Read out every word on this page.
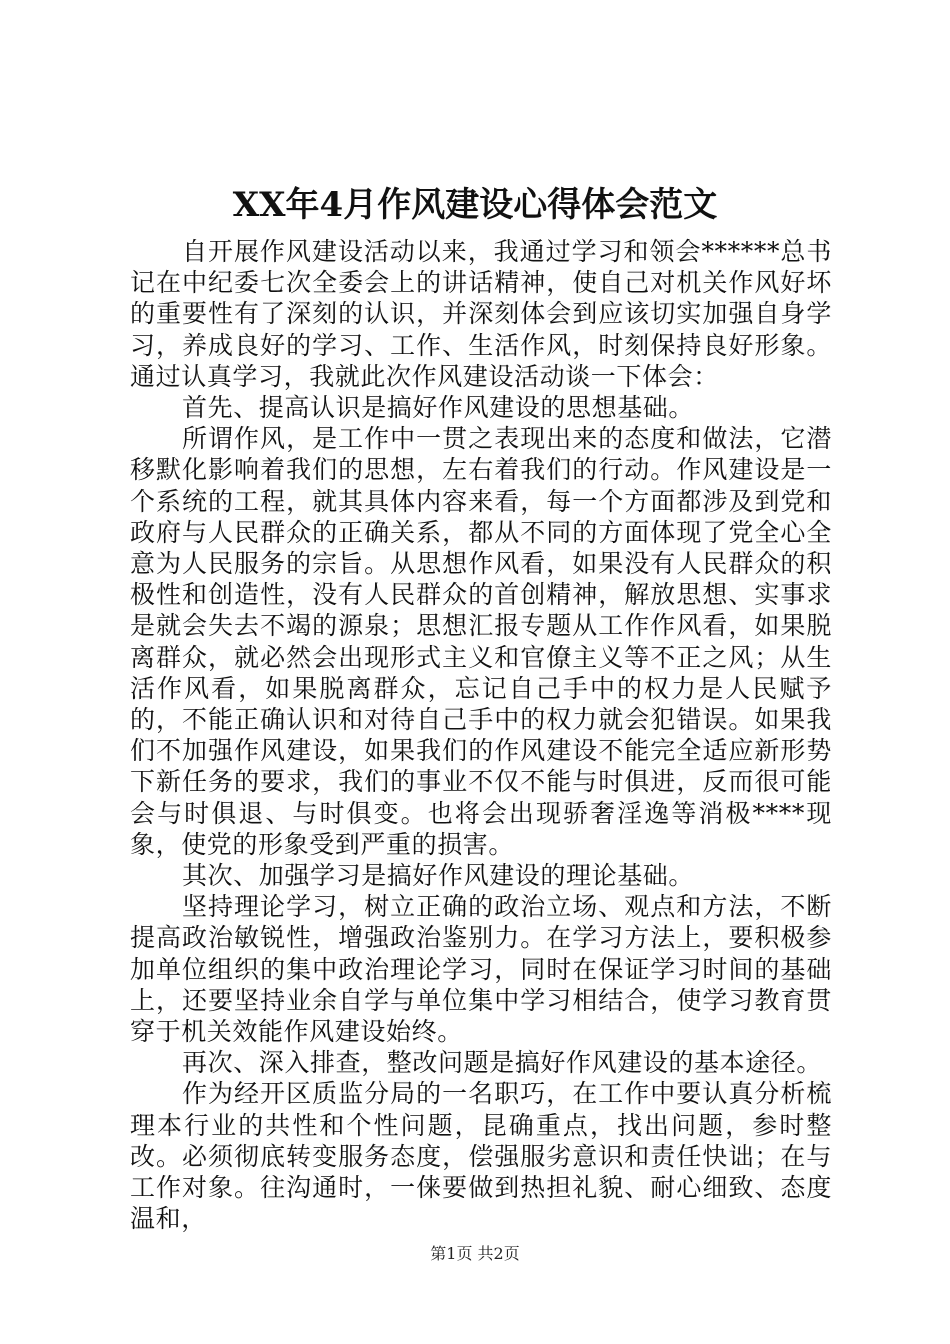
XX年4月作风建设心得体会范文

自开展作风建设活动以来，我通过学习和领会******总书记在中纪委七次全委会上的讲话精神，使自己对机关作风好坏的重要性有了深刻的认识，并深刻体会到应该切实加强自身学习，养成良好的学习、工作、生活作风，时刻保持良好形象。通过认真学习，我就此次作风建设活动谈一下体会：

首先、提高认识是搞好作风建设的思想基础。

所谓作风，是工作中一贯之表现出来的态度和做法，它潜移默化影响着我们的思想，左右着我们的行动。作风建设是一个系统的工程，就其具体内容来看，每一个方面都涉及到党和政府与人民群众的正确关系，都从不同的方面体现了党全心全意为人民服务的宗旨。从思想作风看，如果没有人民群众的积极性和创造性，没有人民群众的首创精神，解放思想、实事求是就会失去不竭的源泉；思想汇报专题从工作作风看，如果脱离群众，就必然会出现形式主义和官僚主义等不正之风；从生活作风看，如果脱离群众，忘记自己手中的权力是人民赋予的，不能正确认识和对待自己手中的权力就会犯错误。如果我们不加强作风建设，如果我们的作风建设不能完全适应新形势下新任务的要求，我们的事业不仅不能与时俱进，反而很可能会与时俱退、与时俱变。也将会出现骄奢淫逸等消极****现象，使党的形象受到严重的损害。

其次、加强学习是搞好作风建设的理论基础。

坚持理论学习，树立正确的政治立场、观点和方法，不断提高政治敏锐性，增强政治鉴别力。在学习方法上，要积极参加单位组织的集中政治理论学习，同时在保证学习时间的基础上，还要坚持业余自学与单位集中学习相结合，使学习教育贯穿于机关效能作风建设始终。

再次、深入排查，整改问题是搞好作风建设的基本途径。

作为经开区质监分局的一名职巧，在工作中要认真分析梳理本行业的共性和个性问题，昆确重点，找出问题，参时整改。必须彻底转变服务态度，偿强服劣意识和责任快诎；在与工作对象。往沟通时，一俫要做到热担礼貌、耐心细致、态度温和，

第1页 共2页
